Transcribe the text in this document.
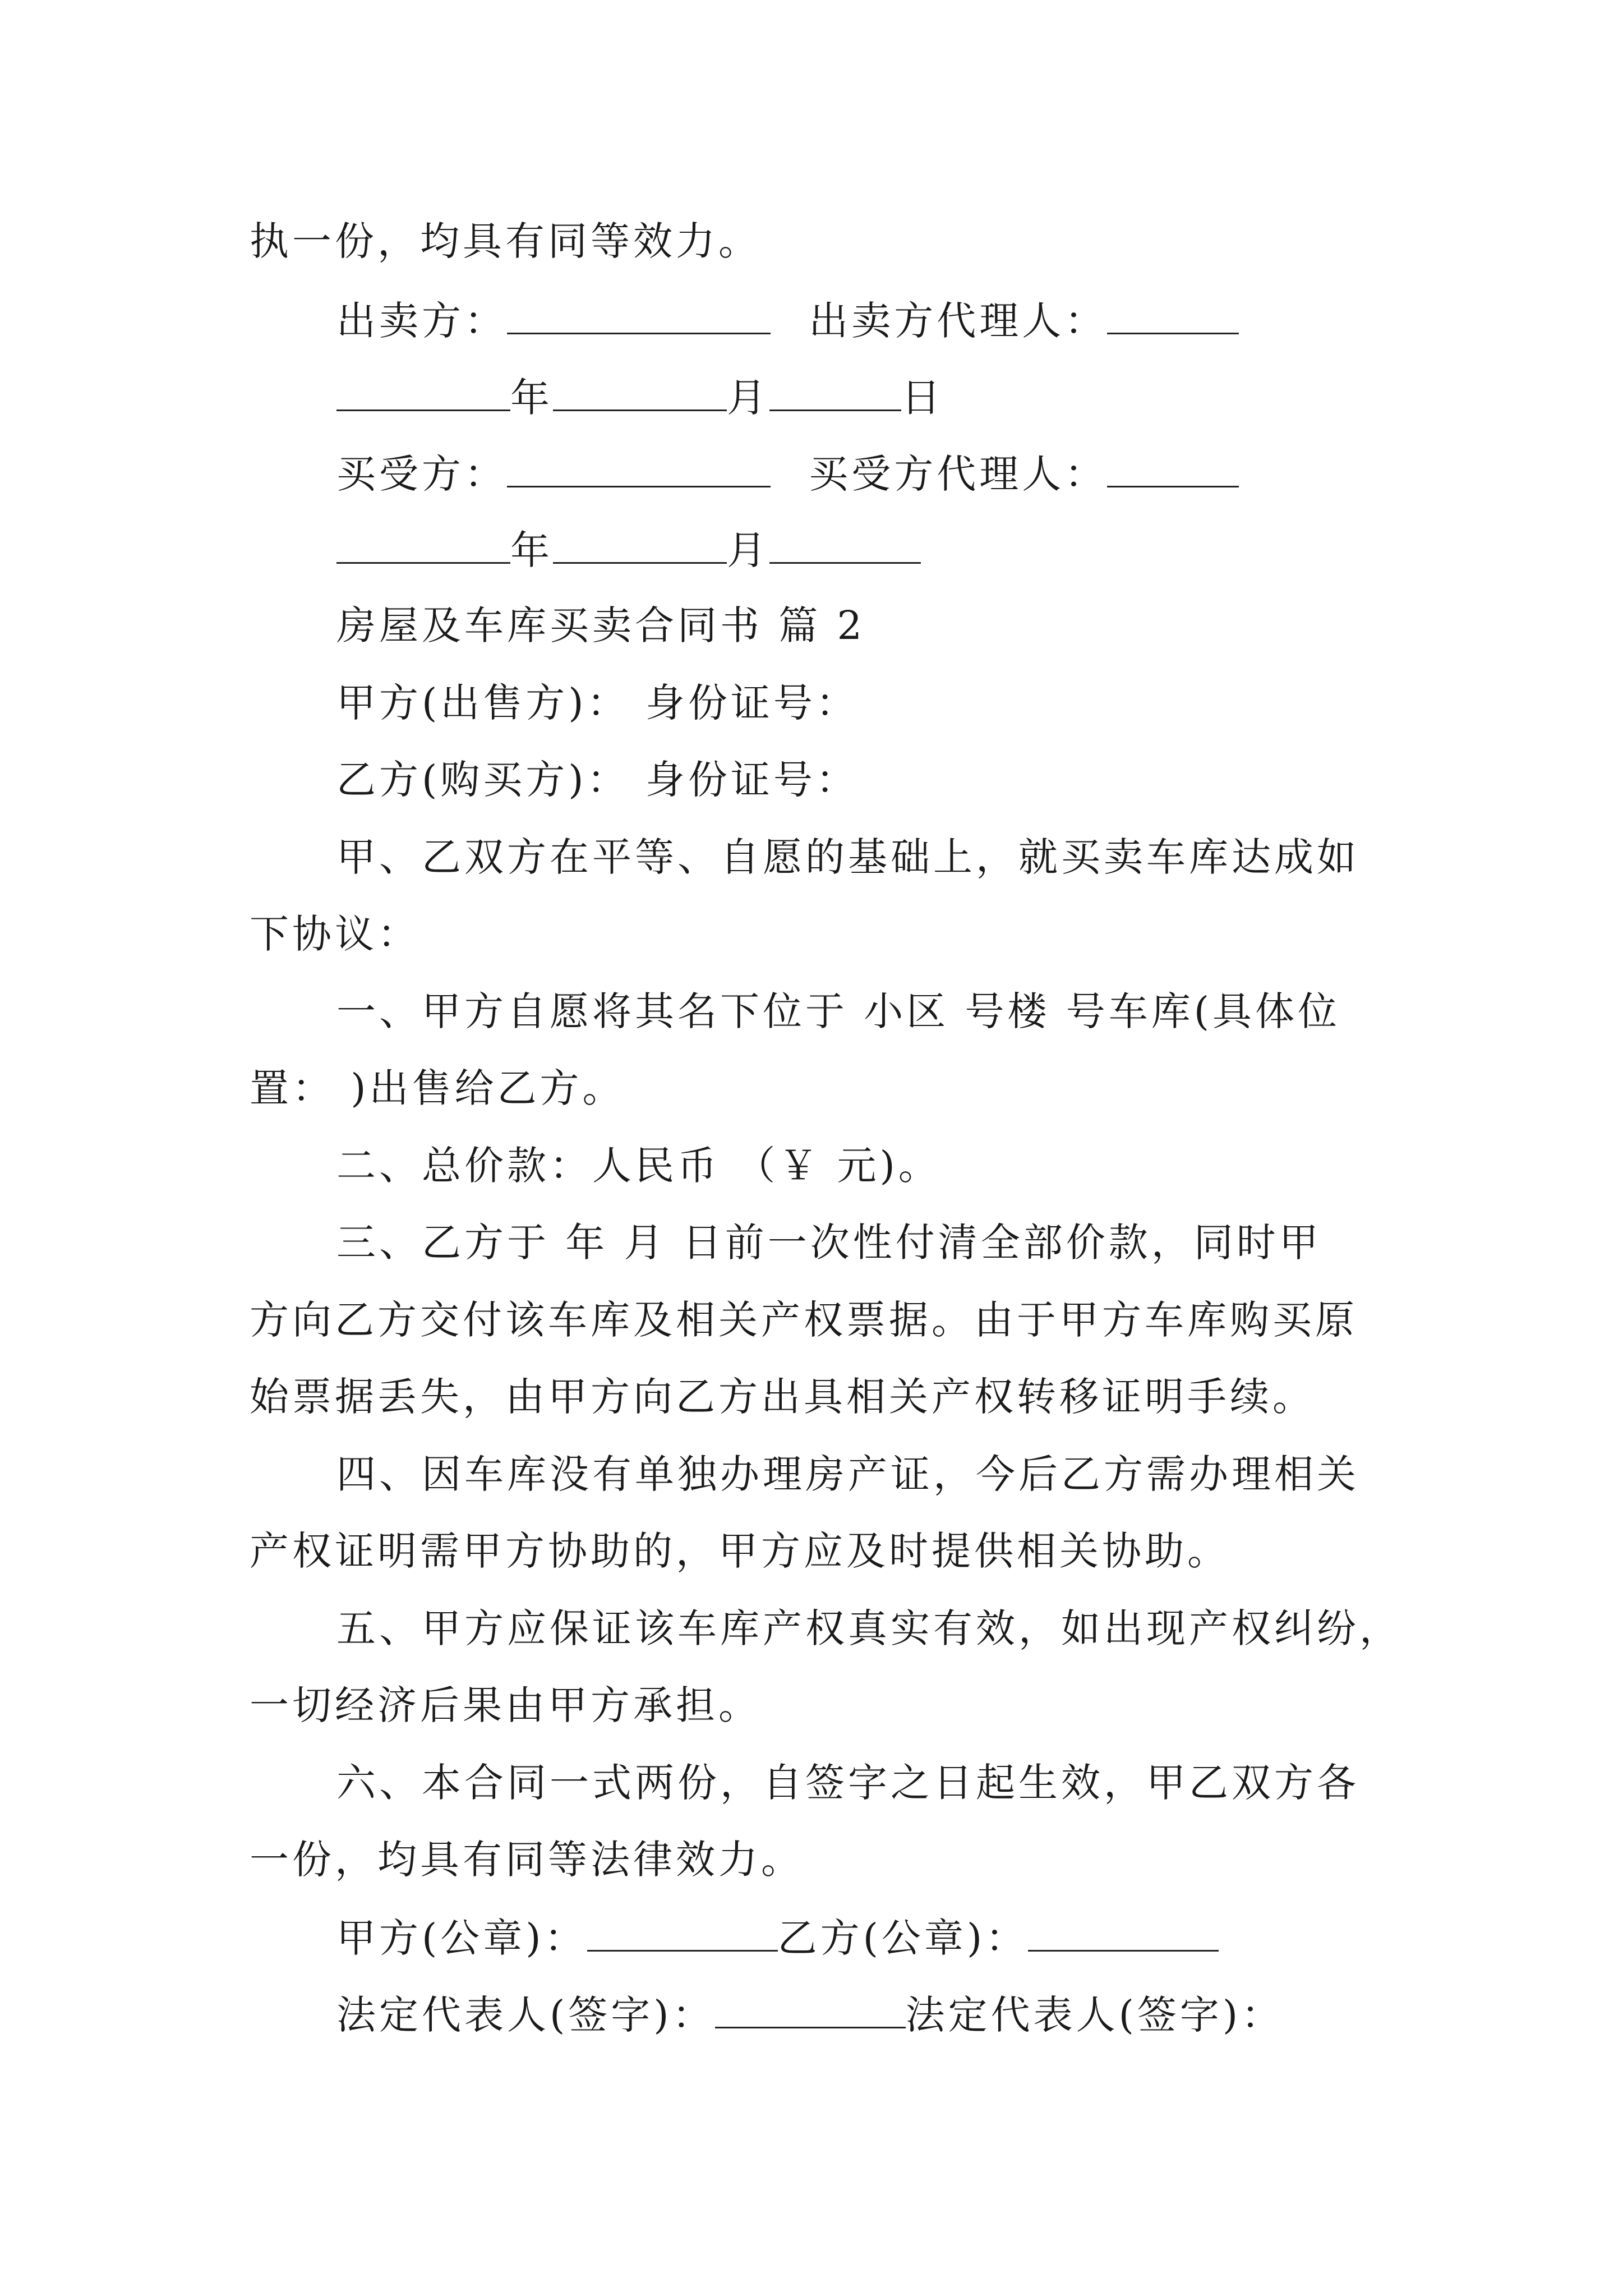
执一份，均具有同等效力。
出卖方：	出卖方代理人：
年	月	日
买受方：	买受方代理人：
年	月
房屋及车库买卖合同书 篇 2
甲方(出售方)： 身份证号：
乙方(购买方)： 身份证号：
甲、乙双方在平等、自愿的基础上，就买卖车库达成如
下协议：
一、甲方自愿将其名下位于 小区 号楼 号车库(具体位
置： )出售给乙方。
二、总价款：人民币 （￥ 元)。
三、乙方于 年 月 日前一次性付清全部价款，同时甲
方向乙方交付该车库及相关产权票据。由于甲方车库购买原
始票据丢失，由甲方向乙方出具相关产权转移证明手续。
四、因车库没有单独办理房产证，今后乙方需办理相关
产权证明需甲方协助的，甲方应及时提供相关协助。
五、甲方应保证该车库产权真实有效，如出现产权纠纷，
一切经济后果由甲方承担。
六、本合同一式两份，自签字之日起生效，甲乙双方各
一份，均具有同等法律效力。
甲方(公章)：	乙方(公章)：
法定代表人(签字)：	法定代表人(签字)：
